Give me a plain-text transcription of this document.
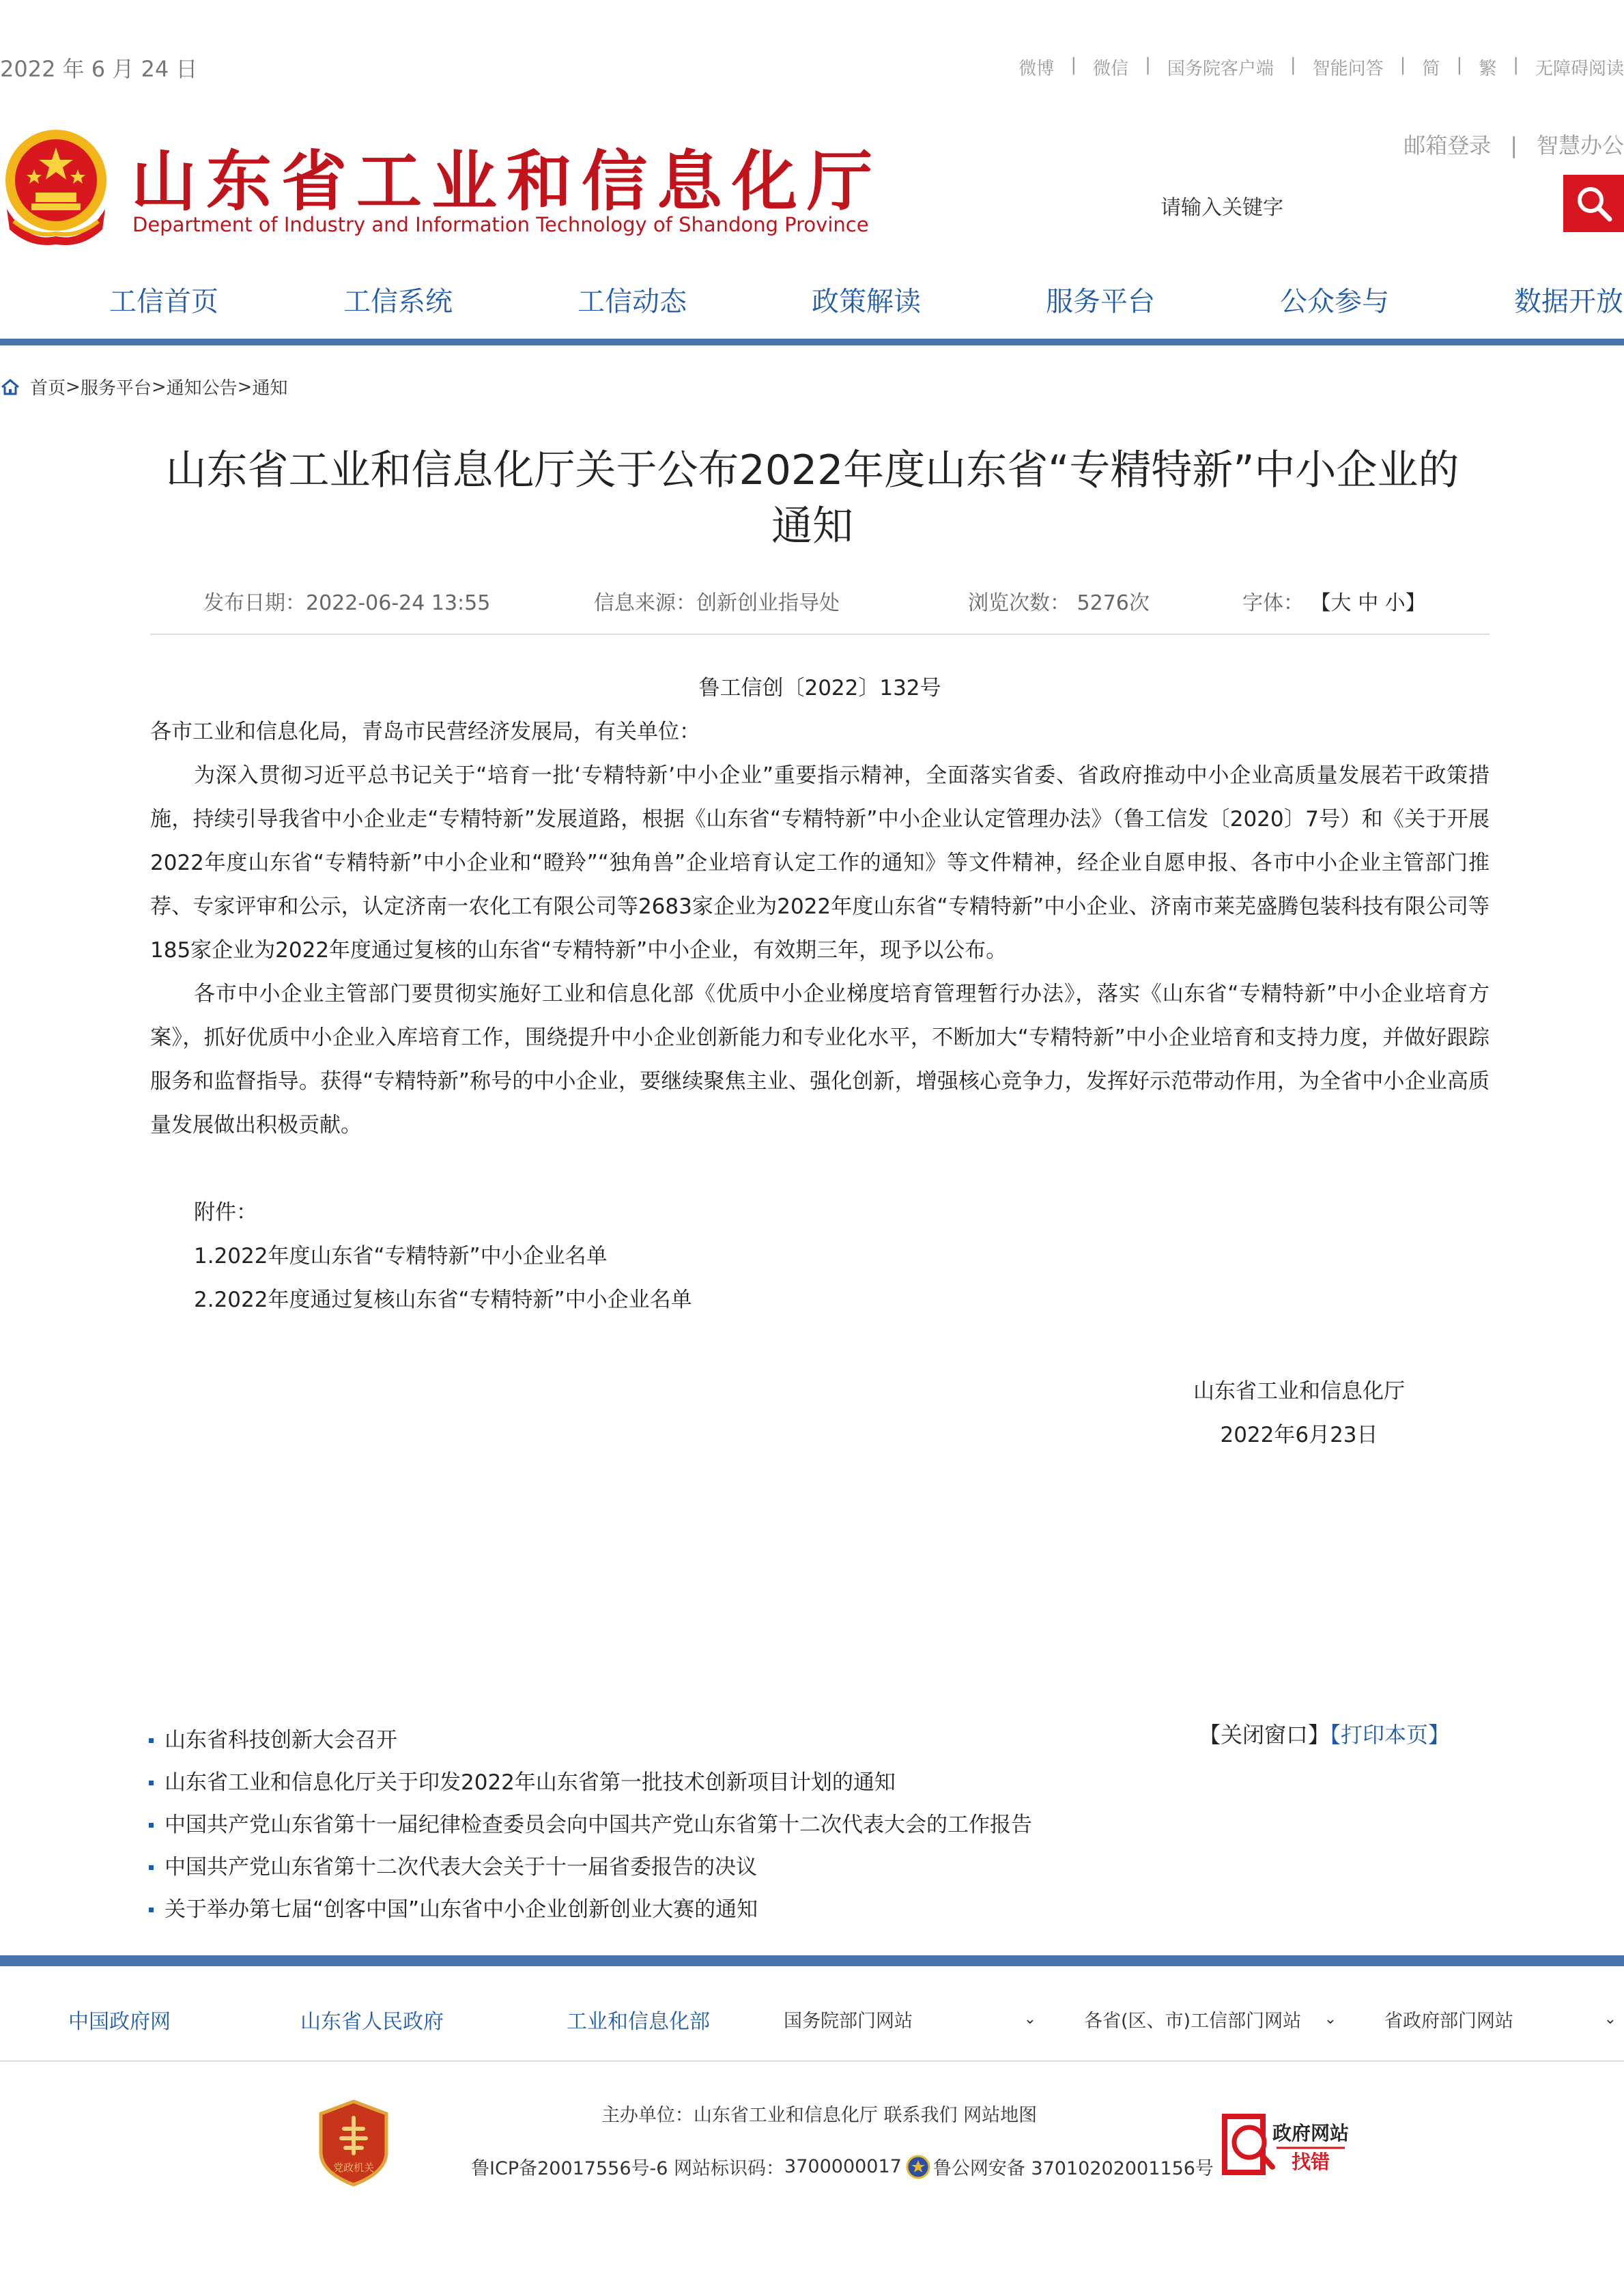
2022 年 6 月 24 日	微博 | 微信 | 国务院客户端 | 智能问答 | 简 | 繁 | 无障碍阅读
山东省工业和信息化厅
Department of Industry and Information Technology of Shandong Province
邮箱登录 | 智慧办公
请输入关键字
工信首页	工信系统	工信动态	政策解读	服务平台	公众参与	数据开放
首页 > 服务平台 > 通知公告 > 通知
山东省工业和信息化厅关于公布2022年度山东省“专精特新”中小企业的
通知
发布日期：2022-06-24 13:55	信息来源：创新创业指导处	浏览次数： 5276次	字体： 【大 中 小】
鲁工信创〔2022〕132号

各市工业和信息化局，青岛市民营经济发展局，有关单位：

为深入贯彻习近平总书记关于“培育一批‘专精特新’中小企业”重要指示精神，全面落实省委、省政府推动中小企业高质量发展若干政策措施，持续引导我省中小企业走“专精特新”发展道路，根据《山东省“专精特新”中小企业认定管理办法》（鲁工信发〔2020〕7号）和《关于开展2022年度山东省“专精特新”中小企业和“瞪羚”“独角兽”企业培育认定工作的通知》等文件精神，经企业自愿申报、各市中小企业主管部门推荐、专家评审和公示，认定济南一农化工有限公司等2683家企业为2022年度山东省“专精特新”中小企业、济南市莱芜盛腾包装科技有限公司等185家企业为2022年度通过复核的山东省“专精特新”中小企业，有效期三年，现予以公布。

各市中小企业主管部门要贯彻实施好工业和信息化部《优质中小企业梯度培育管理暂行办法》，落实《山东省“专精特新”中小企业培育方案》，抓好优质中小企业入库培育工作，围绕提升中小企业创新能力和专业化水平，不断加大“专精特新”中小企业培育和支持力度，并做好跟踪服务和监督指导。获得“专精特新”称号的中小企业，要继续聚焦主业、强化创新，增强核心竞争力，发挥好示范带动作用，为全省中小企业高质量发展做出积极贡献。

附件：
1.2022年度山东省“专精特新”中小企业名单
2.2022年度通过复核山东省“专精特新”中小企业名单
山东省工业和信息化厅
2022年6月23日
山东省科技创新大会召开
山东省工业和信息化厅关于印发2022年山东省第一批技术创新项目计划的通知
中国共产党山东省第十一届纪律检查委员会向中国共产党山东省第十二次代表大会的工作报告
中国共产党山东省第十二次代表大会关于十一届省委报告的决议
关于举办第七届“创客中国”山东省中小企业创新创业大赛的通知
【关闭窗口】【打印本页】
中国政府网	山东省人民政府	工业和信息化部	国务院部门网站	⌄	各省(区、市)工信部门网站 ⌄	省政府部门网站	⌄
党政机关
主办单位：山东省工业和信息化厅 联系我们 网站地图
鲁ICP备20017556号-6
网站标识码： 3700000017 鲁公网安备 37010202001156号
政府网站
找错
